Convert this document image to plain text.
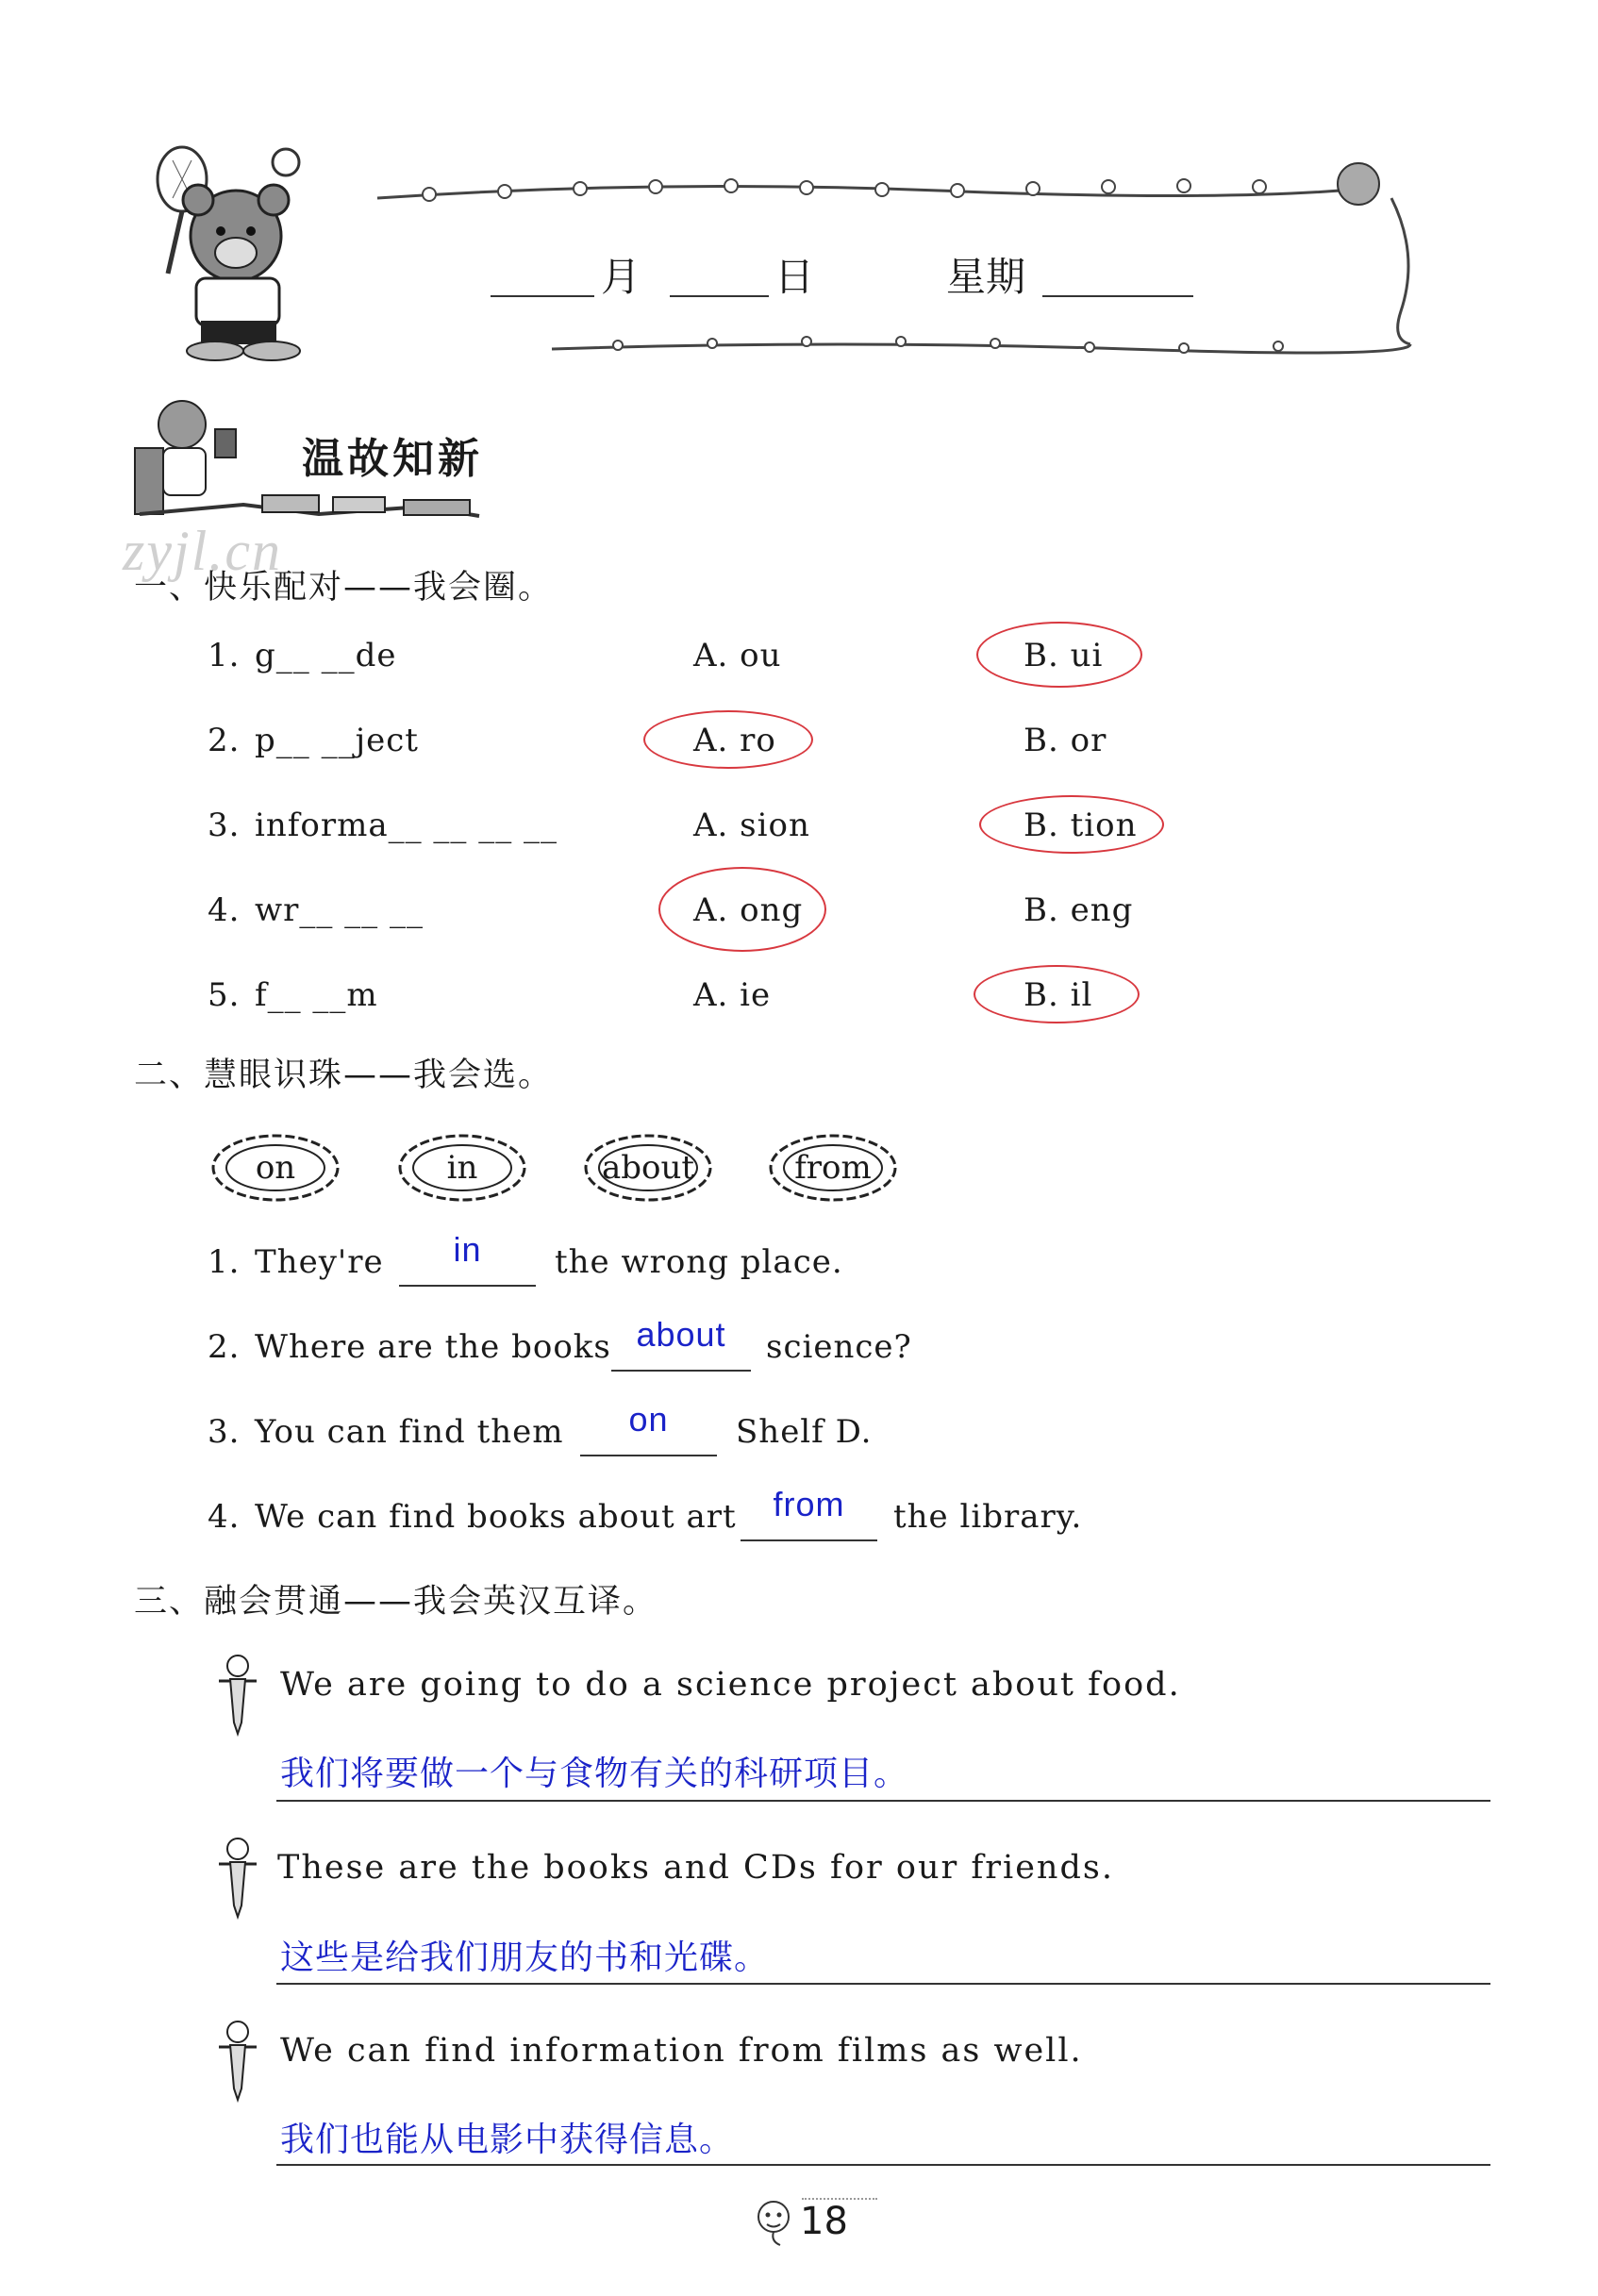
月	日	星期
温故知新
zyjl.cn
一、快乐配对——我会圈。
1. g__ __de	A. ou	B. ui
2. p__ __ject	A. ro	B. or
3. informa__ __ __ __	A. sion	B. tion
4. wr__ __ __	A. ong	B. eng
5. f__ __m	A. ie	B. il
二、慧眼识珠——我会选。
on	in	about	from
1. They're	in	the wrong place.
2. Where are the books about	science?
3. You can find them	on	Shelf D.
4. We can find books about art	from	the library.
三、融会贯通——我会英汉互译。
We are going to do a science project about food.
我们将要做一个与食物有关的科研项目。
These are the books and CDs for our friends.
这些是给我们朋友的书和光碟。
We can find information from films as well.
我们也能从电影中获得信息。
18
